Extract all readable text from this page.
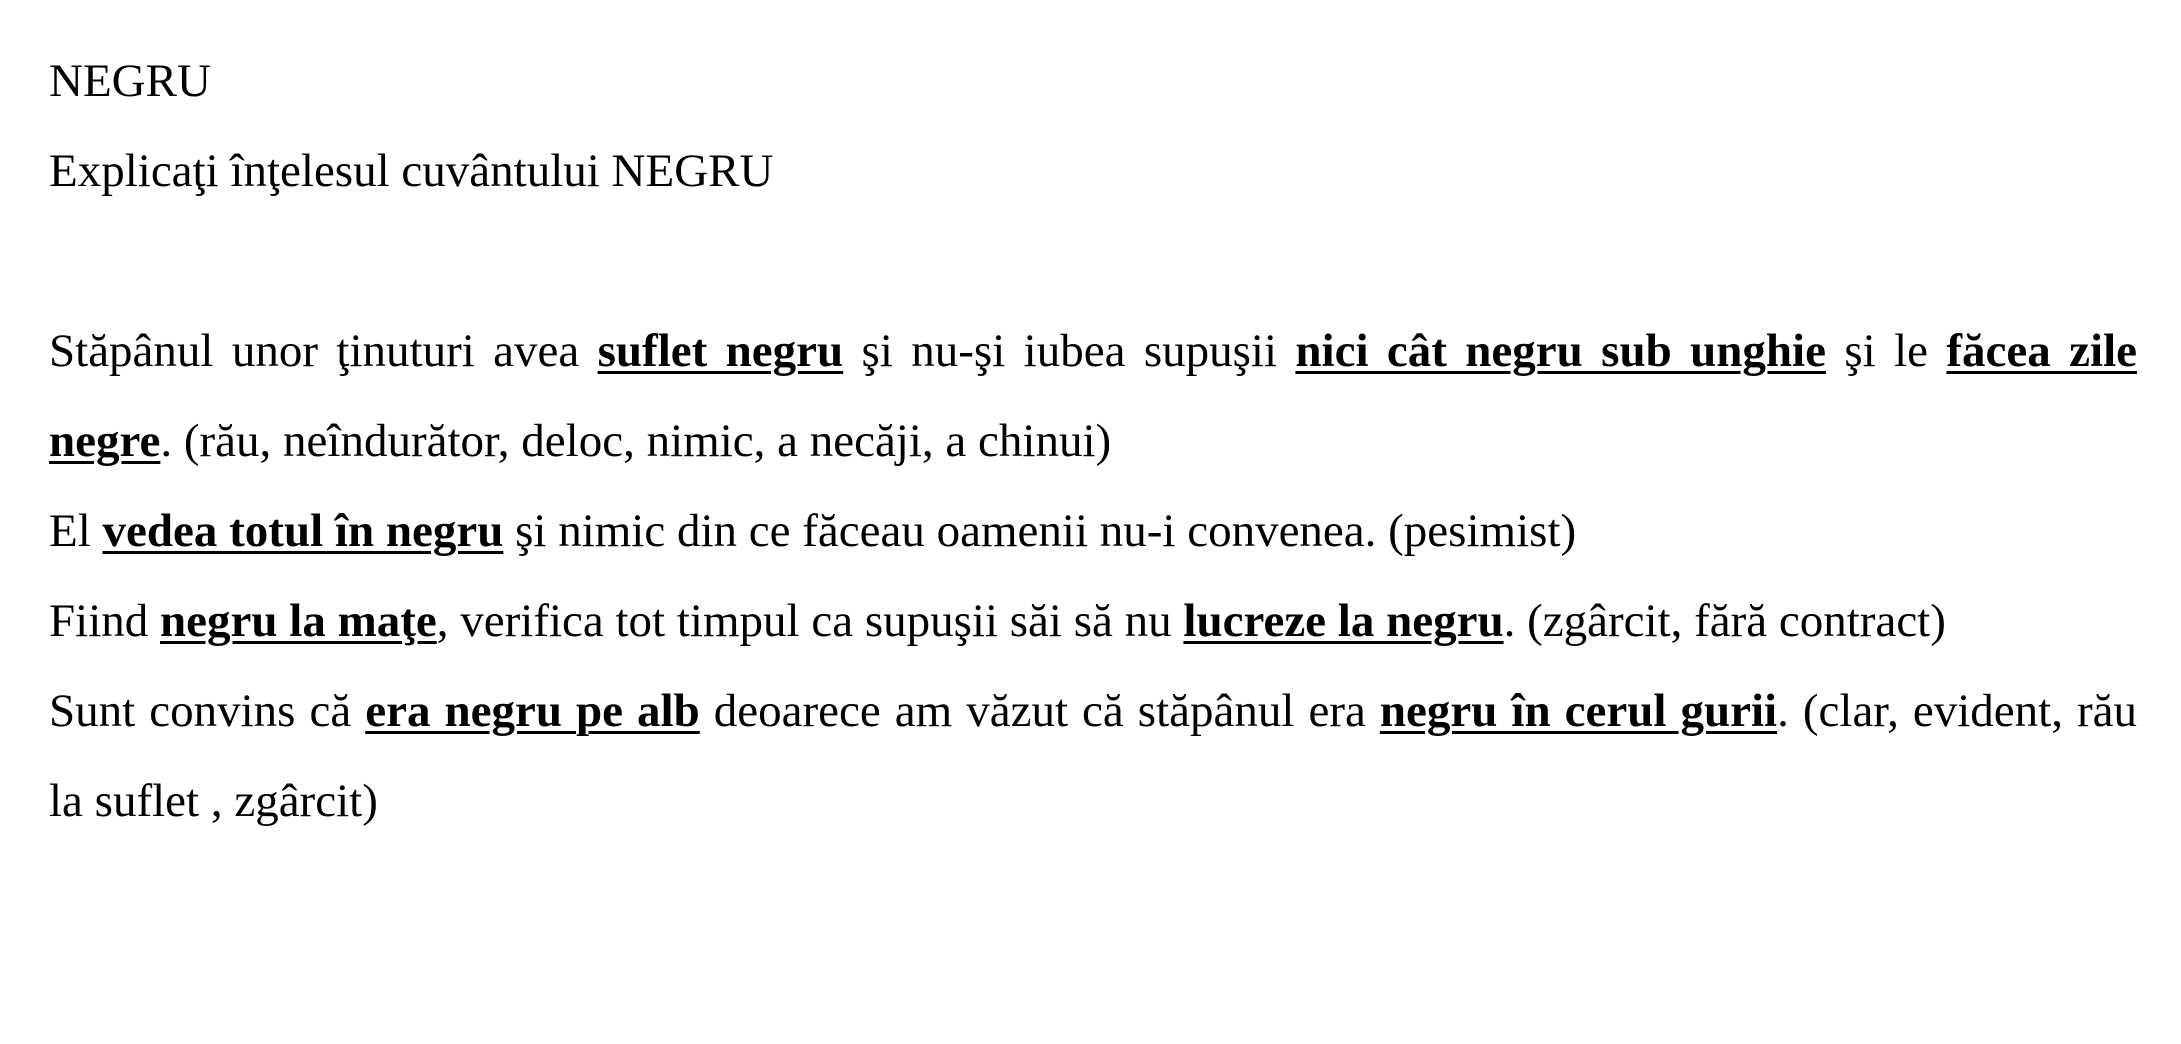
NEGRU

Explicaţi înţelesul cuvântului NEGRU

Stăpânul unor ţinuturi avea suflet negru şi nu-şi iubea supuşii nici cât negru sub unghie şi le făcea zile negre. (rău, neîndurător, deloc, nimic, a necăji, a chinui)

El vedea totul în negru şi nimic din ce făceau oamenii nu-i convenea. (pesimist)

Fiind negru la maţe, verifica tot timpul ca supuşii săi să nu lucreze la negru. (zgârcit, fără contract)

Sunt convins că era negru pe alb deoarece am văzut că stăpânul era negru în cerul gurii. (clar, evident, rău la suflet , zgârcit)
